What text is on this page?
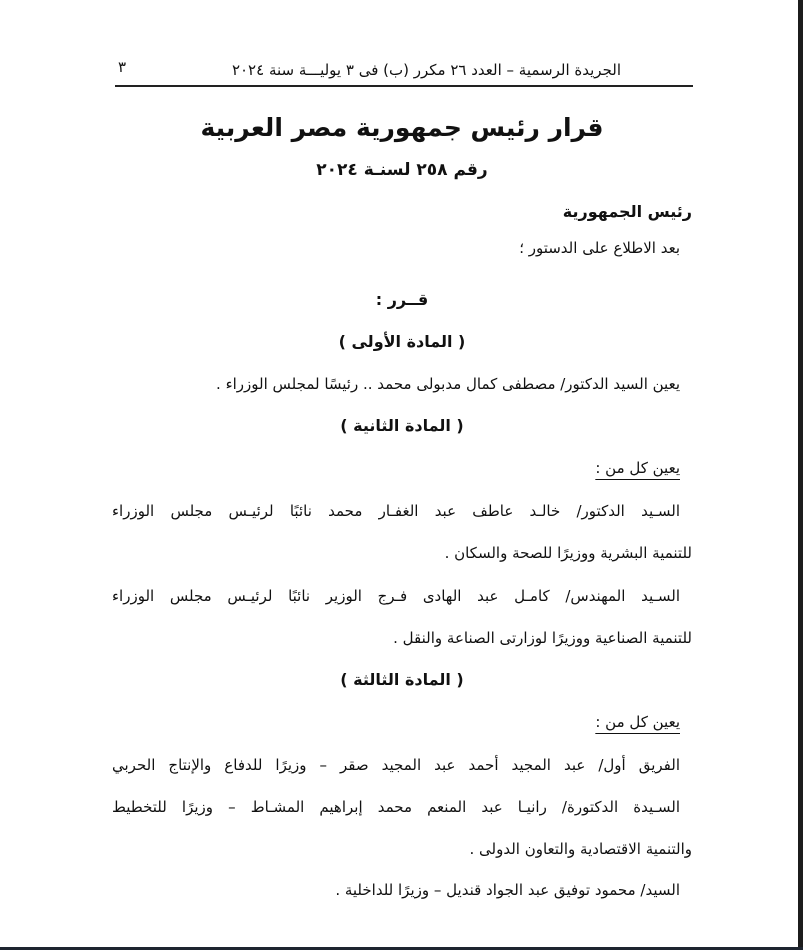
الجريدة الرسمية – العدد ٢٦ مكرر (ب) فى ٣ يوليـــة سنة ٢٠٢٤
٣
قرار رئيس جمهورية مصر العربية
رقم ٢٥٨ لسنـة ٢٠٢٤
رئيس الجمهورية
بعد الاطلاع على الدستور ؛
قــرر :
( المادة الأولى )
يعين السيد الدكتور/ مصطفى كمال مدبولى محمد .. رئيسًا لمجلس الوزراء .
( المادة الثانية )
يعين كل من :
السـيد الدكتور/ خالـد عاطف عبد الغفـار محمد نائبًا لرئيـس مجلس الوزراء
للتنمية البشرية ووزيرًا للصحة والسكان .
السـيد المهندس/ كامـل عبد الهادى فـرج الوزير نائبًا لرئيـس مجلس الوزراء
للتنمية الصناعية ووزيرًا لوزارتى الصناعة والنقل .
( المادة الثالثة )
يعين كل من :
الفريق أول/ عبد المجيد أحمد عبد المجيد صقر – وزيرًا للدفاع والإنتاج الحربي
السـيدة الدكتورة/ رانيـا عبد المنعم محمد إبراهيم المشـاط – وزيرًا للتخطيط
والتنمية الاقتصادية والتعاون الدولى .
السيد/ محمود توفيق عبد الجواد قنديل – وزيرًا للداخلية .
